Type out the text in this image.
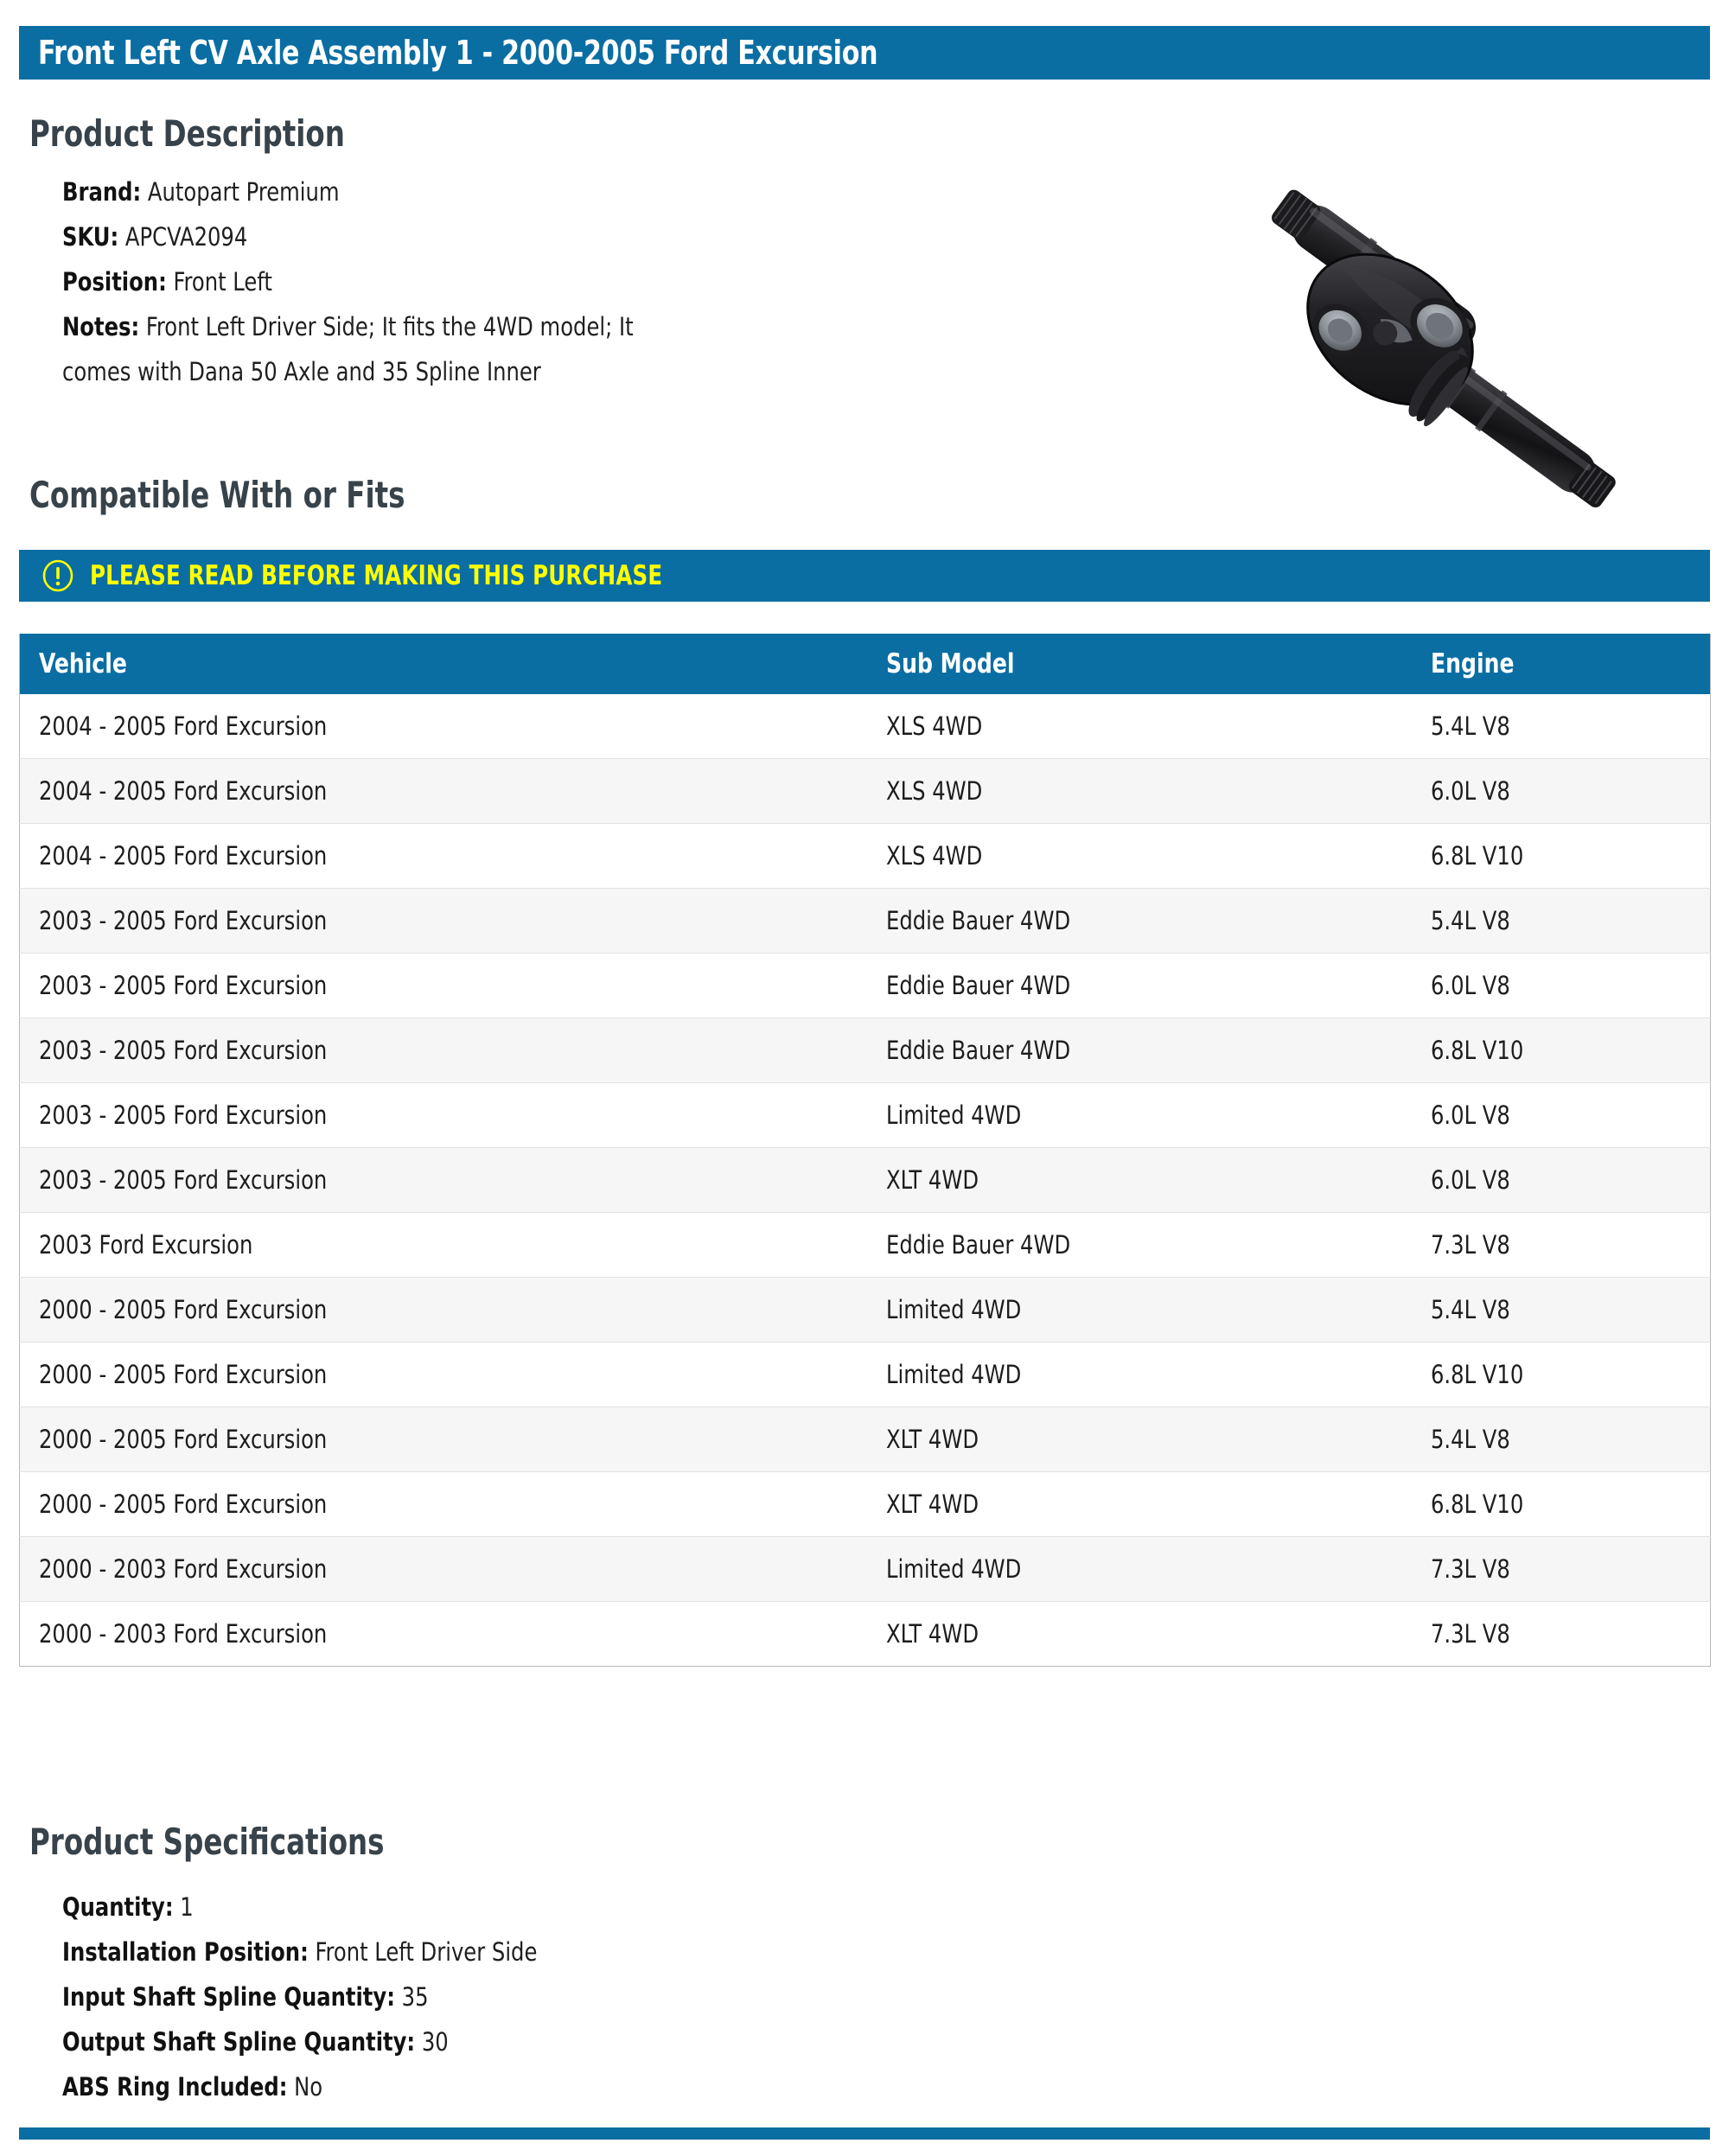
Front Left CV Axle Assembly 1 - 2000-2005 Ford Excursion
Product Description
Brand: Autopart Premium
SKU: APCVA2094
Position: Front Left
Notes: Front Left Driver Side; It fits the 4WD model; It comes with Dana 50 Axle and 35 Spline Inner
Compatible With or Fits
PLEASE READ BEFORE MAKING THIS PURCHASE
Vehicle	Sub Model	Engine
2004 - 2005 Ford Excursion	XLS 4WD	5.4L V8
2004 - 2005 Ford Excursion	XLS 4WD	6.0L V8
2004 - 2005 Ford Excursion	XLS 4WD	6.8L V10
2003 - 2005 Ford Excursion	Eddie Bauer 4WD	5.4L V8
2003 - 2005 Ford Excursion	Eddie Bauer 4WD	6.0L V8
2003 - 2005 Ford Excursion	Eddie Bauer 4WD	6.8L V10
2003 - 2005 Ford Excursion	Limited 4WD	6.0L V8
2003 - 2005 Ford Excursion	XLT 4WD	6.0L V8
2003 Ford Excursion	Eddie Bauer 4WD	7.3L V8
2000 - 2005 Ford Excursion	Limited 4WD	5.4L V8
2000 - 2005 Ford Excursion	Limited 4WD	6.8L V10
2000 - 2005 Ford Excursion	XLT 4WD	5.4L V8
2000 - 2005 Ford Excursion	XLT 4WD	6.8L V10
2000 - 2003 Ford Excursion	Limited 4WD	7.3L V8
2000 - 2003 Ford Excursion	XLT 4WD	7.3L V8
Product Specifications
Quantity: 1
Installation Position: Front Left Driver Side
Input Shaft Spline Quantity: 35
Output Shaft Spline Quantity: 30
ABS Ring Included: No
